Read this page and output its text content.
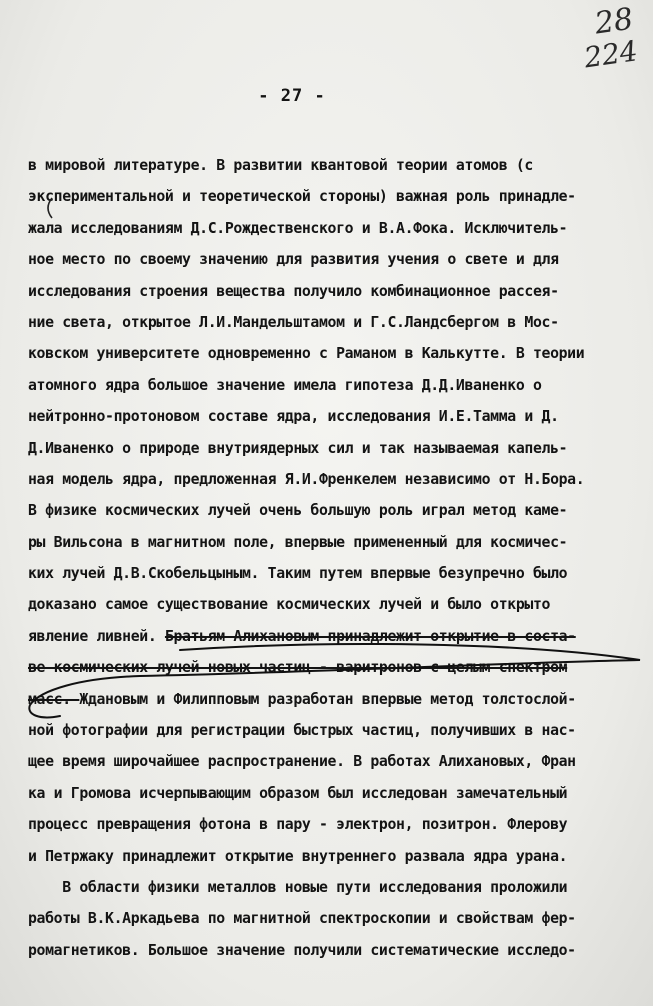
28
224
- 27 -
в мировой литературе. В развитии квантовой теории атомов (с
экспериментальной и теоретической стороны) важная роль принадле-
жала исследованиям Д.С.Рождественского и В.А.Фока. Исключитель-
ное место по своему значению для развития учения о свете и для
исследования строения вещества получило комбинационное рассея-
ние света, открытое Л.И.Мандельштамом и Г.С.Ландсбергом в Мос-
ковском университете одновременно с Раманом в Калькутте. В теории
атомного ядра большое значение имела гипотеза Д.Д.Иваненко о
нейтронно-протоновом составе ядра, исследования И.Е.Тамма и Д.
Д.Иваненко о природе внутриядерных сил и так называемая капель-
ная модель ядра, предложенная Я.И.Френкелем независимо от Н.Бора.
В физике космических лучей очень большую роль играл метод каме-
ры Вильсона в магнитном поле, впервые примененный для космичес-
ких лучей Д.В.Скобельцыным. Таким путем впервые безупречно было
доказано самое существование космических лучей и было открыто
явление ливней. Братьям Алихановым принадлежит открытие в соста-
ве космических лучей новых частиц - варитронов с целым спектром
масс. Ждановым и Филипповым разработан впервые метод толстослой-
ной фотографии для регистрации быстрых частиц, получивших в нас-
щее время широчайшее распространение. В работах Алихановых, Фран
ка и Громова исчерпывающим образом был исследован замечательный
процесс превращения фотона в пару - электрон, позитрон. Флерову
и Петржаку принадлежит открытие внутреннего развала ядра урана.
В области физики металлов новые пути исследования проложили
работы В.К.Аркадьева по магнитной спектроскопии и свойствам фер-
ромагнетиков. Большое значение получили систематические исследо-
